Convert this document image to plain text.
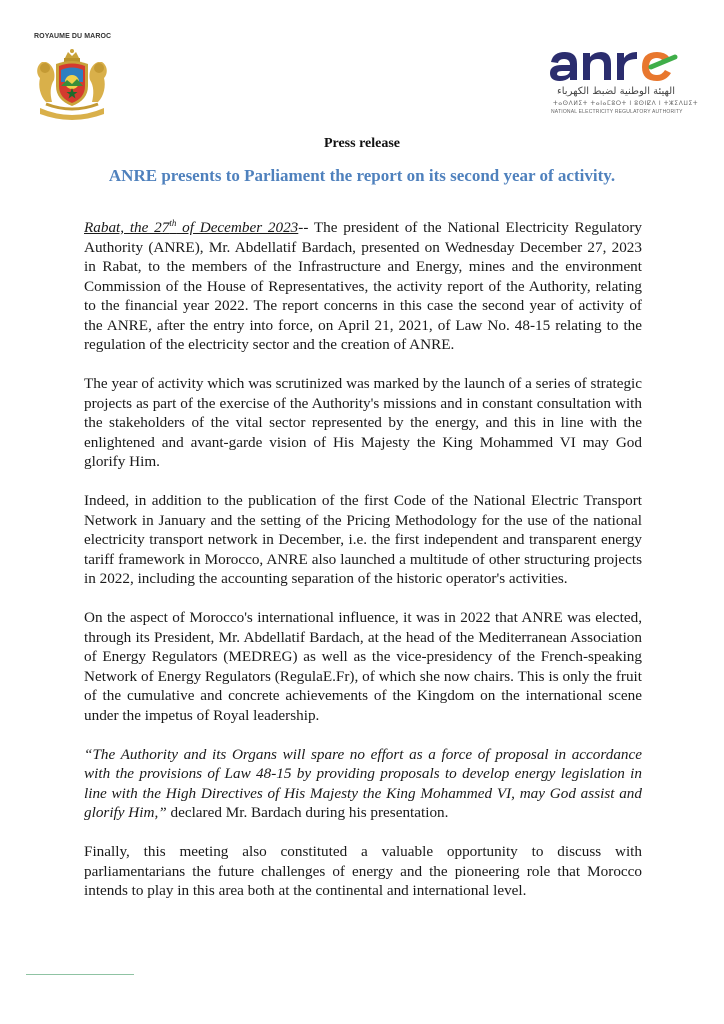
ROYAUME DU MAROC
الهيئة الوطنية لضبط الكهرباء
ⵜⴰⵙⴷⵍⵉⵜ ⵜⴰⵏⴰⵎⵓⵔⵜ ⵏ ⵓⵙⵏⵇⴷ ⵏ ⵜⵣⵉⴷⵡⵉⵜ
NATIONAL ELECTRICITY REGULATORY AUTHORITY
Press release
ANRE presents to Parliament the report on its second year of activity.

Rabat, the 27th of December 2023-- The president of the National Electricity Regulatory Authority (ANRE), Mr. Abdellatif Bardach, presented on Wednesday December 27, 2023 in Rabat, to the members of the Infrastructure and Energy, mines and the environment Commission of the House of Representatives, the activity report of the Authority, relating to the financial year 2022. The report concerns in this case the second year of activity of the ANRE, after the entry into force, on April 21, 2021, of Law No. 48-15 relating to the regulation of the electricity sector and the creation of ANRE.

The year of activity which was scrutinized was marked by the launch of a series of strategic projects as part of the exercise of the Authority's missions and in constant consultation with the stakeholders of the vital sector represented by the energy, and this in line with the enlightened and avant-garde vision of His Majesty the King Mohammed VI may God glorify Him.

Indeed, in addition to the publication of the first Code of the National Electric Transport Network in January and the setting of the Pricing Methodology for the use of the national electricity transport network in December, i.e. the first independent and transparent energy tariff framework in Morocco, ANRE also launched a multitude of other structuring projects in 2022, including the accounting separation of the historic operator's activities.

On the aspect of Morocco's international influence, it was in 2022 that ANRE was elected, through its President, Mr. Abdellatif Bardach, at the head of the Mediterranean Association of Energy Regulators (MEDREG) as well as the vice-presidency of the French-speaking Network of Energy Regulators (RegulaE.Fr), of which she now chairs. This is only the fruit of the cumulative and concrete achievements of the Kingdom on the international scene under the impetus of Royal leadership.

“The Authority and its Organs will spare no effort as a force of proposal in accordance with the provisions of Law 48-15 by providing proposals to develop energy legislation in line with the High Directives of His Majesty the King Mohammed VI, may God assist and glorify Him,” declared Mr. Bardach during his presentation.

Finally, this meeting also constituted a valuable opportunity to discuss with parliamentarians the future challenges of energy and the pioneering role that Morocco intends to play in this area both at the continental and international level.
